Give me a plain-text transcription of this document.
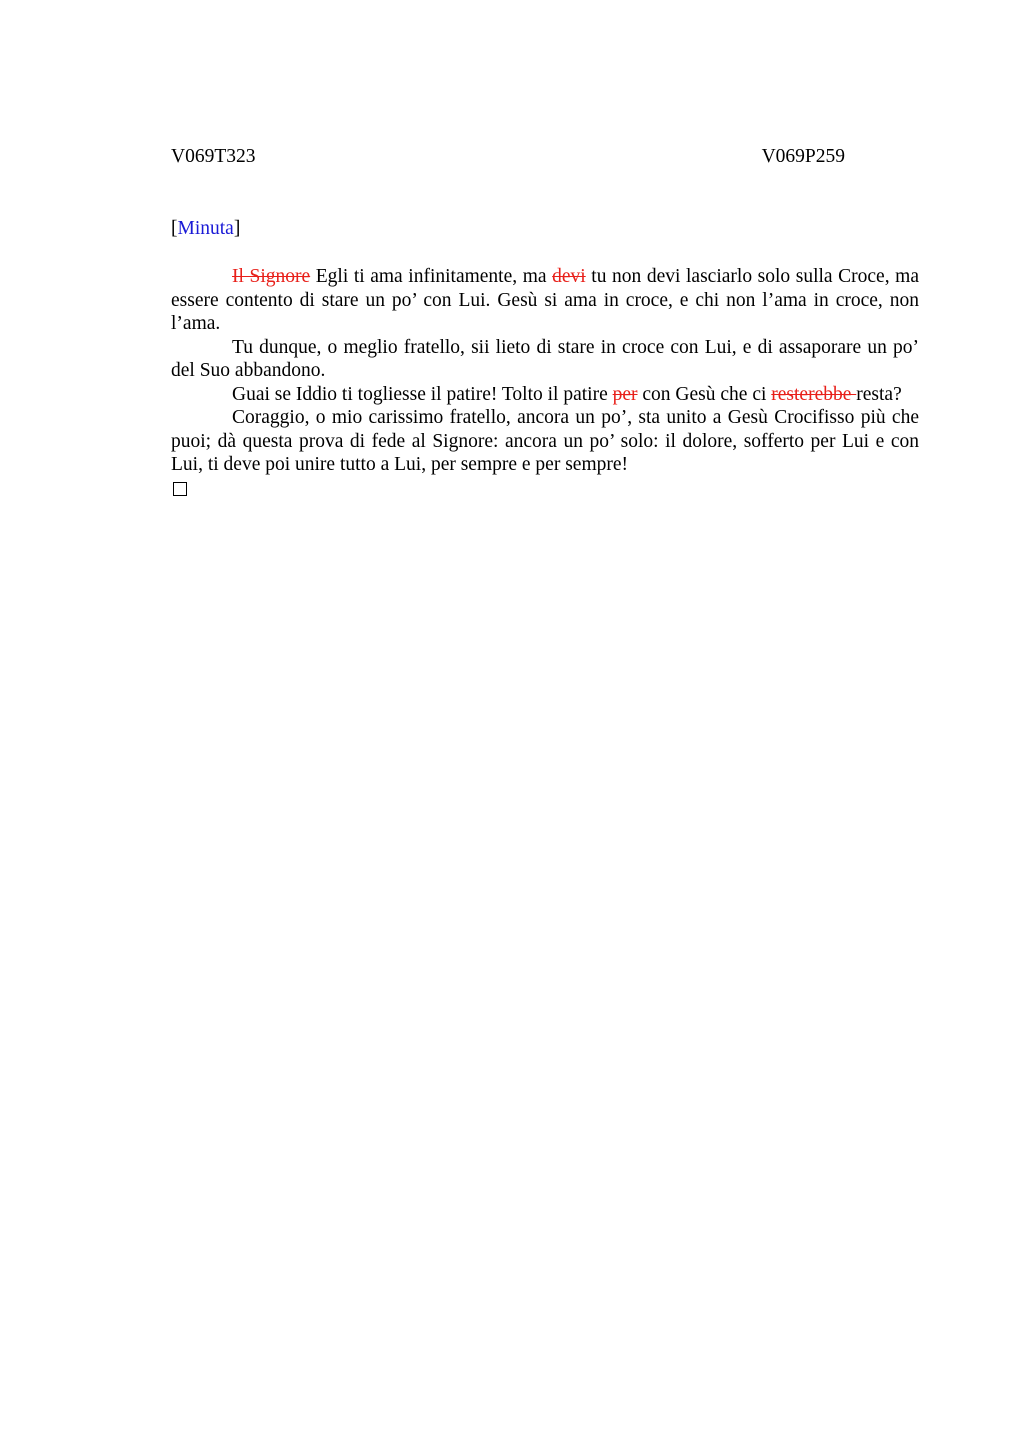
V069T323	V069P259
[Minuta]

Il Signore Egli ti ama infinitamente, ma devi tu non devi lasciarlo solo sulla Croce, ma essere contento di stare un po’ con Lui. Gesù si ama in croce, e chi non l’ama in croce, non l’ama.

Tu dunque, o meglio fratello, sii lieto di stare in croce con Lui, e di assaporare un po’ del Suo abbandono.

Guai se Iddio ti togliesse il patire! Tolto il patire per con Gesù che ci resterebbe resta?

Coraggio, o mio carissimo fratello, ancora un po’, sta unito a Gesù Crocifisso più che puoi; dà questa prova di fede al Signore: ancora un po’ solo: il dolore, sofferto per Lui e con Lui, ti deve poi unire tutto a Lui, per sempre e per sempre!
